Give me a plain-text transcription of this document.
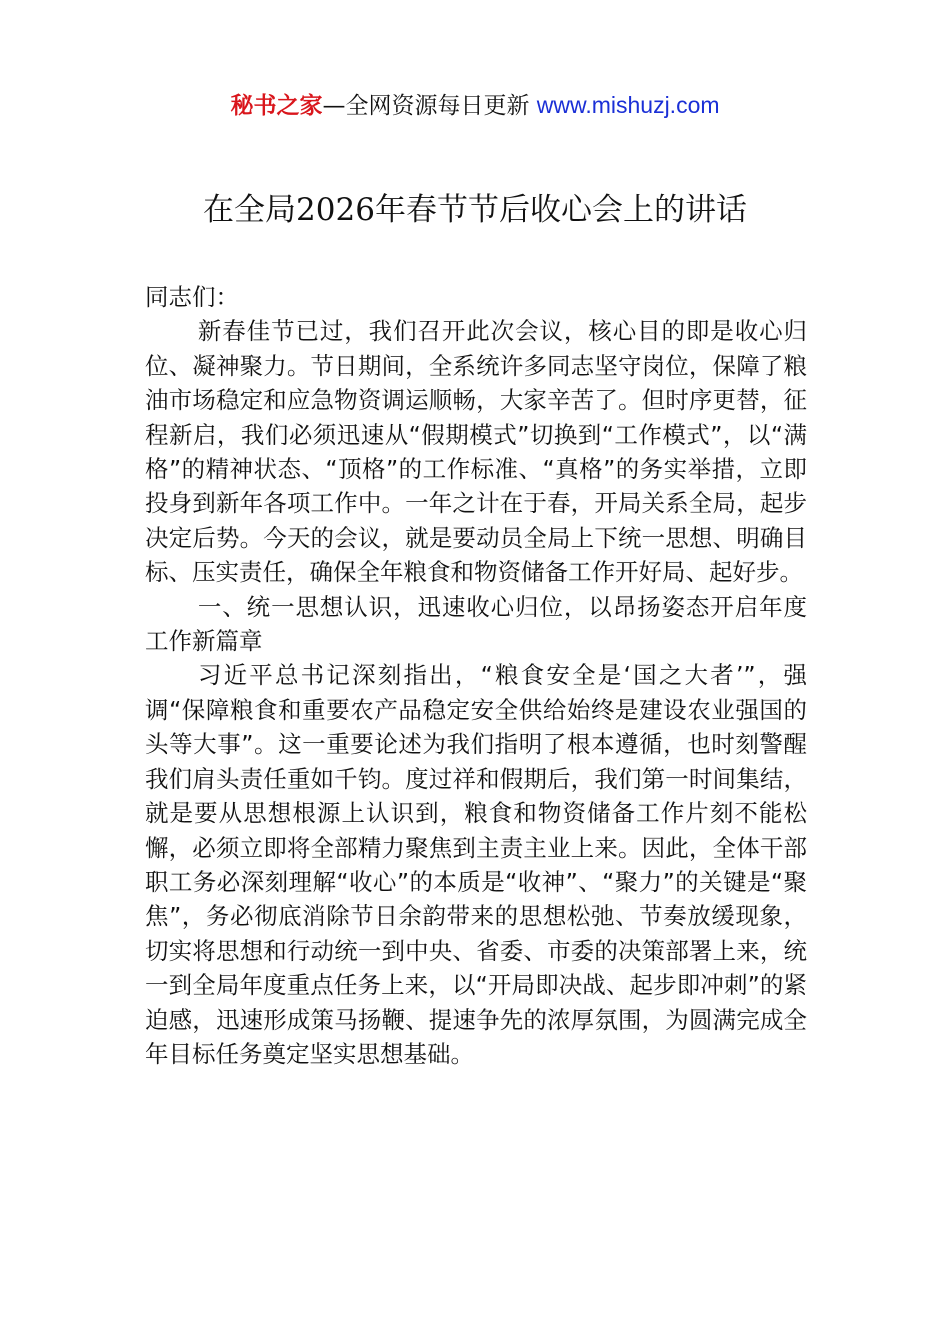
秘书之家—全网资源每日更新 www.mishuzj.com
在全局2026年春节节后收心会上的讲话

同志们：

新春佳节已过，我们召开此次会议，核心目的即是收心归位、凝神聚力。节日期间，全系统许多同志坚守岗位，保障了粮油市场稳定和应急物资调运顺畅，大家辛苦了。但时序更替，征程新启，我们必须迅速从“假期模式”切换到“工作模式”，以“满格”的精神状态、“顶格”的工作标准、“真格”的务实举措，立即投身到新年各项工作中。一年之计在于春，开局关系全局，起步决定后势。今天的会议，就是要动员全局上下统一思想、明确目标、压实责任，确保全年粮食和物资储备工作开好局、起好步。

一、统一思想认识，迅速收心归位，以昂扬姿态开启年度工作新篇章

习近平总书记深刻指出，“粮食安全是‘国之大者’”，强调“保障粮食和重要农产品稳定安全供给始终是建设农业强国的头等大事”。这一重要论述为我们指明了根本遵循，也时刻警醒我们肩头责任重如千钧。度过祥和假期后，我们第一时间集结，就是要从思想根源上认识到，粮食和物资储备工作片刻不能松懈，必须立即将全部精力聚焦到主责主业上来。因此，全体干部职工务必深刻理解“收心”的本质是“收神”、“聚力”的关键是“聚焦”，务必彻底消除节日余韵带来的思想松弛、节奏放缓现象，切实将思想和行动统一到中央、省委、市委的决策部署上来，统一到全局年度重点任务上来，以“开局即决战、起步即冲刺”的紧迫感，迅速形成策马扬鞭、提速争先的浓厚氛围，为圆满完成全年目标任务奠定坚实思想基础。
